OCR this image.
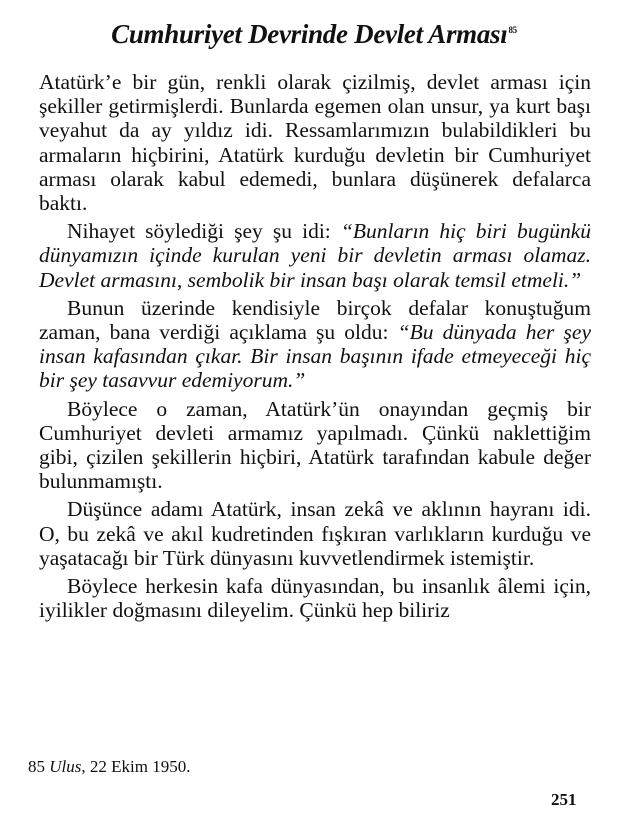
Cumhuriyet Devrinde Devlet Arması$^{85}$

Atatürk’e bir gün, renkli olarak çizilmiş, devlet arması için şekiller getirmişlerdi. Bunlarda egemen olan unsur, ya kurt başı veyahut da ay yıldız idi. Ressamlarımızın bulabildikleri bu armaların hiçbirini, Atatürk kurduğu devletin bir Cumhuriyet arması olarak kabul edemedi, bunlara düşünerek defalarca baktı.

Nihayet söylediği şey şu idi: “Bunların hiç biri bugünkü dünyamızın içinde kurulan yeni bir devletin arması olamaz. Devlet armasını, sembolik bir insan başı olarak temsil etmeli.”

Bunun üzerinde kendisiyle birçok defalar konuştuğum zaman, bana verdiği açıklama şu oldu: “Bu dünyada her şey insan kafasından çıkar. Bir insan başının ifade etmeyeceği hiç bir şey tasavvur edemiyorum.”

Böylece o zaman, Atatürk’ün onayından geçmiş bir Cumhuriyet devleti armamız yapılmadı. Çünkü naklettiğim gibi, çizilen şekillerin hiçbiri, Atatürk tarafından kabule değer bulunmamıştı.

Düşünce adamı Atatürk, insan zekâ ve aklının hayranı idi. O, bu zekâ ve akıl kudretinden fışkıran varlıkların kurduğu ve yaşatacağı bir Türk dünyasını kuvvetlendirmek istemiştir.

Böylece herkesin kafa dünyasından, bu insanlık âlemi için, iyilikler doğmasını dileyelim. Çünkü hep biliriz

85 Ulus, 22 Ekim 1950.
251
